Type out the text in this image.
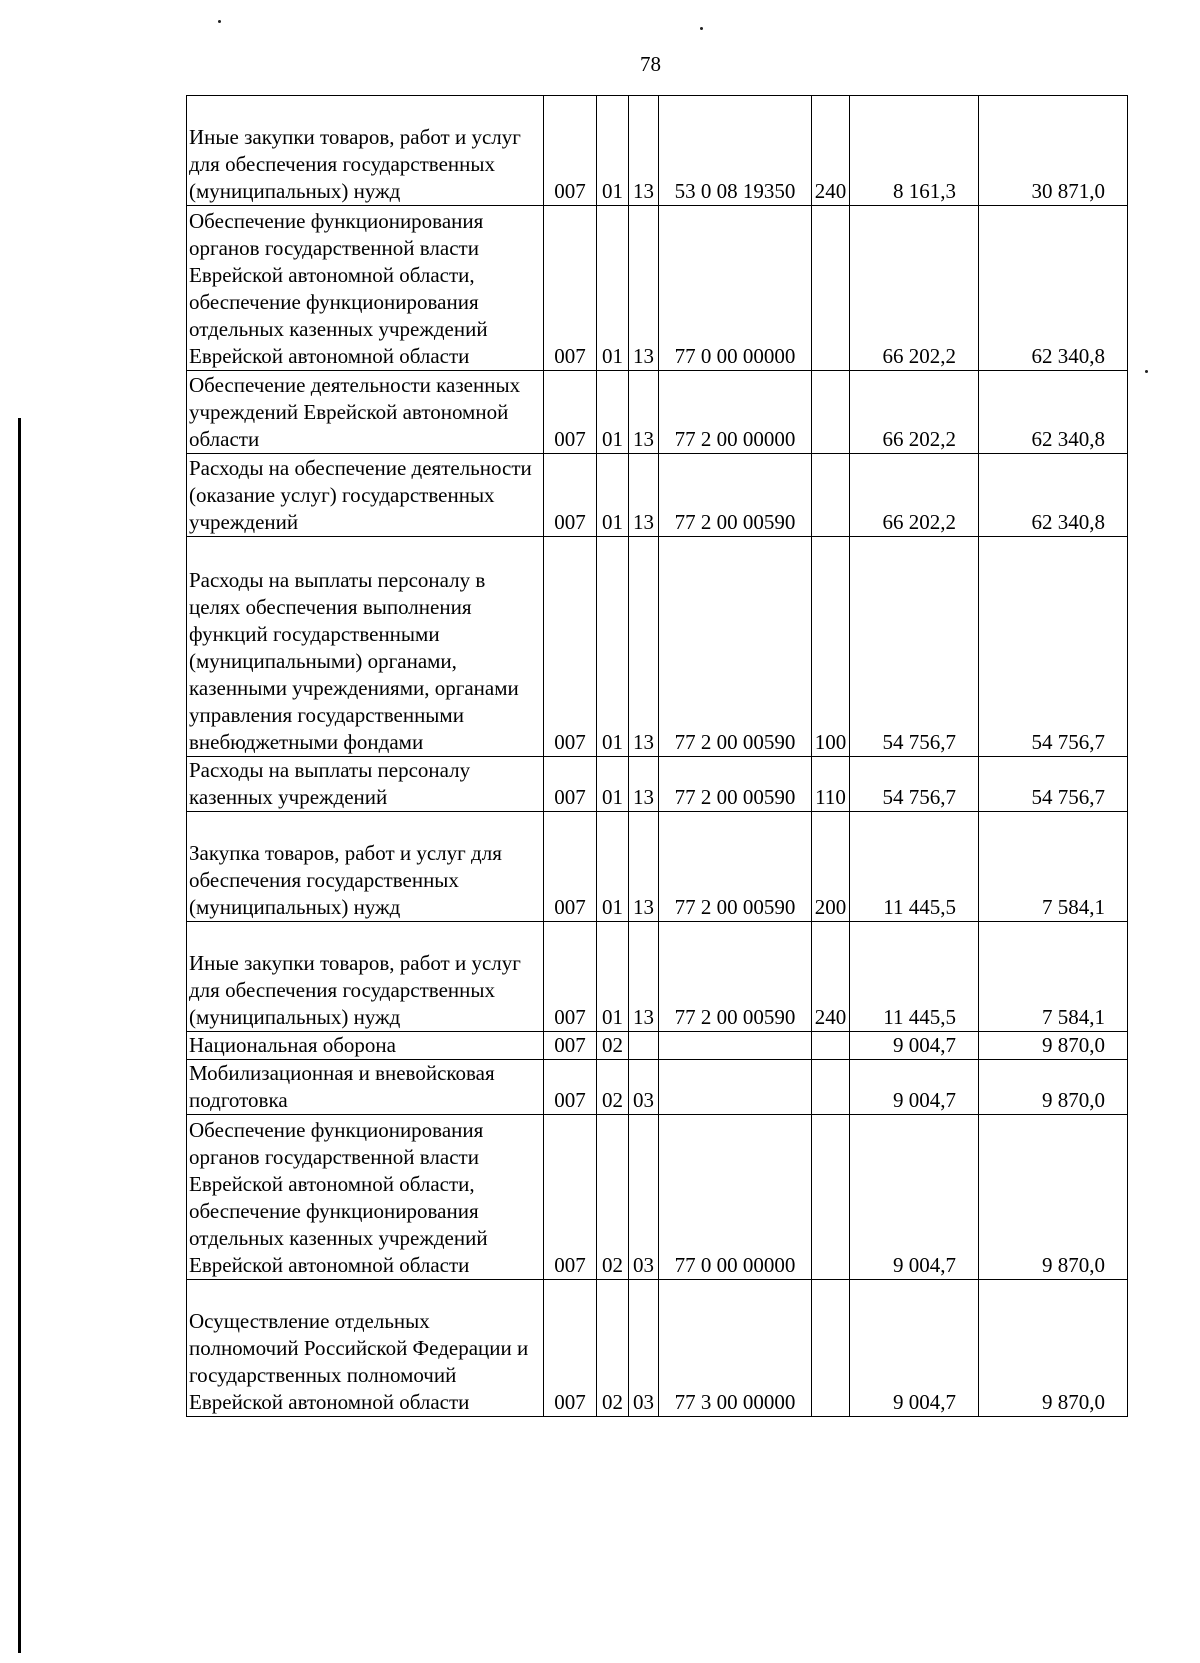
78
Иные закупки товаров, работ и услуг для обеспечения государственных (муниципальных) нужд	007	01	13	53 0 08 19350	240	8 161,3	30 871,0
Обеспечение функционирования органов государственной власти Еврейской автономной области, обеспечение функционирования отдельных казенных учреждений Еврейской автономной области	007	01	13	77 0 00 00000		66 202,2	62 340,8
Обеспечение деятельности казенных учреждений Еврейской автономной области	007	01	13	77 2 00 00000		66 202,2	62 340,8
Расходы на обеспечение деятельности (оказание услуг) государственных учреждений	007	01	13	77 2 00 00590		66 202,2	62 340,8
Расходы на выплаты персоналу в целях обеспечения выполнения функций государственными (муниципальными) органами, казенными учреждениями, органами управления государственными внебюджетными фондами	007	01	13	77 2 00 00590	100	54 756,7	54 756,7
Расходы на выплаты персоналу казенных учреждений	007	01	13	77 2 00 00590	110	54 756,7	54 756,7
Закупка товаров, работ и услуг для обеспечения государственных (муниципальных) нужд	007	01	13	77 2 00 00590	200	11 445,5	7 584,1
Иные закупки товаров, работ и услуг для обеспечения государственных (муниципальных) нужд	007	01	13	77 2 00 00590	240	11 445,5	7 584,1
Национальная оборона	007	02				9 004,7	9 870,0
Мобилизационная и вневойсковая подготовка	007	02	03			9 004,7	9 870,0
Обеспечение функционирования органов государственной власти Еврейской автономной области, обеспечение функционирования отдельных казенных учреждений Еврейской автономной области	007	02	03	77 0 00 00000		9 004,7	9 870,0
Осуществление отдельных полномочий Российской Федерации и государственных полномочий Еврейской автономной области	007	02	03	77 3 00 00000		9 004,7	9 870,0
